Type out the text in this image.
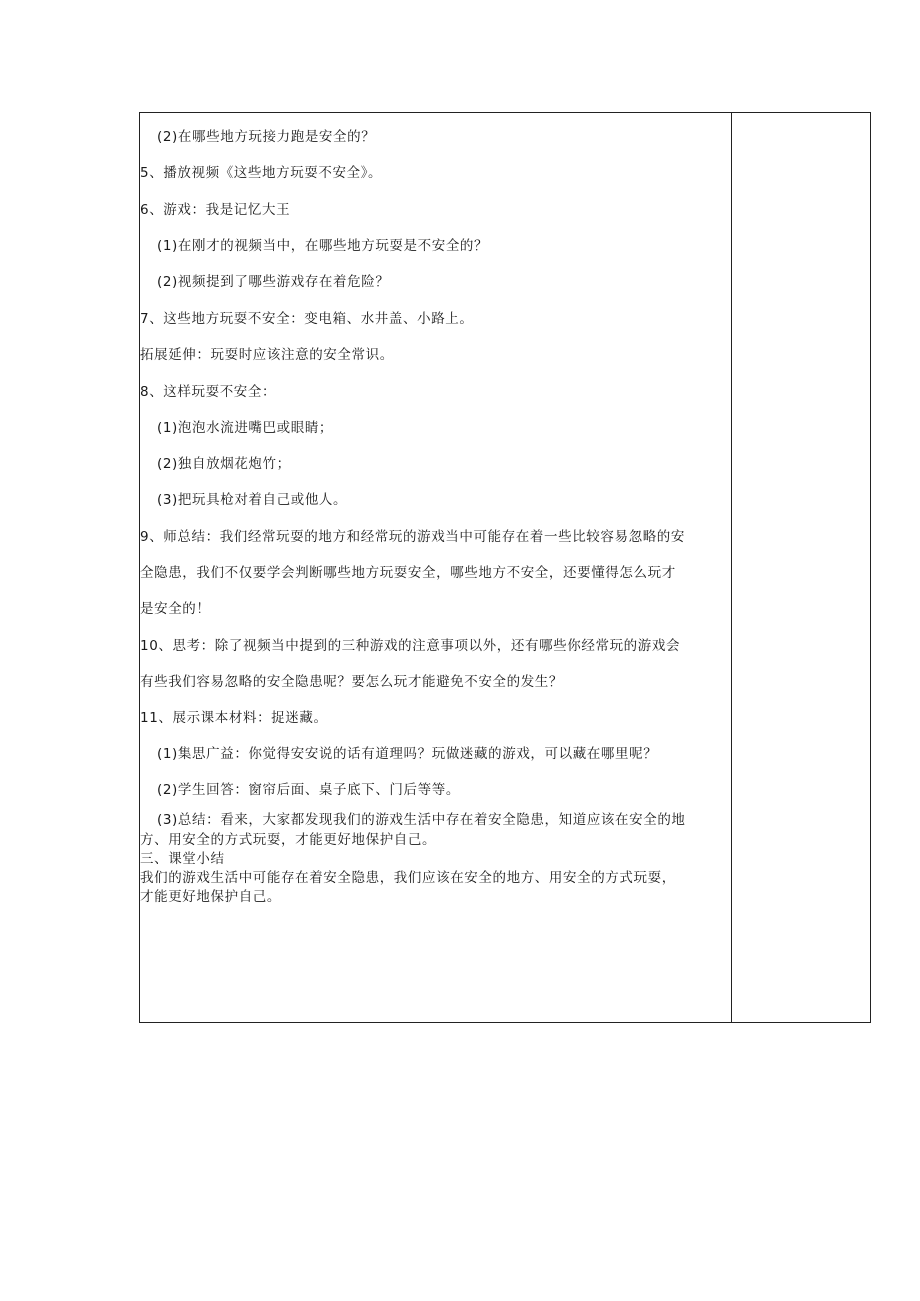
(2)在哪些地方玩接力跑是安全的？
5、播放视频《这些地方玩耍不安全》。
6、游戏：我是记忆大王
(1)在刚才的视频当中，在哪些地方玩耍是不安全的？
(2)视频提到了哪些游戏存在着危险？
7、这些地方玩耍不安全：变电箱、水井盖、小路上。
拓展延伸：玩耍时应该注意的安全常识。
8、这样玩耍不安全：
(1)泡泡水流进嘴巴或眼睛；
(2)独自放烟花炮竹；
(3)把玩具枪对着自己或他人。
9、师总结：我们经常玩耍的地方和经常玩的游戏当中可能存在着一些比较容易忽略的安
全隐患，我们不仅要学会判断哪些地方玩耍安全，哪些地方不安全，还要懂得怎么玩才
是安全的！
10、思考：除了视频当中提到的三种游戏的注意事项以外，还有哪些你经常玩的游戏会
有些我们容易忽略的安全隐患呢？要怎么玩才能避免不安全的发生？
11、展示课本材料：捉迷藏。
(1)集思广益：你觉得安安说的话有道理吗？玩做迷藏的游戏，可以藏在哪里呢？
(2)学生回答：窗帘后面、桌子底下、门后等等。
(3)总结：看来，大家都发现我们的游戏生活中存在着安全隐患，知道应该在安全的地
方、用安全的方式玩耍，才能更好地保护自己。
三、课堂小结
我们的游戏生活中可能存在着安全隐患，我们应该在安全的地方、用安全的方式玩耍，
才能更好地保护自己。
